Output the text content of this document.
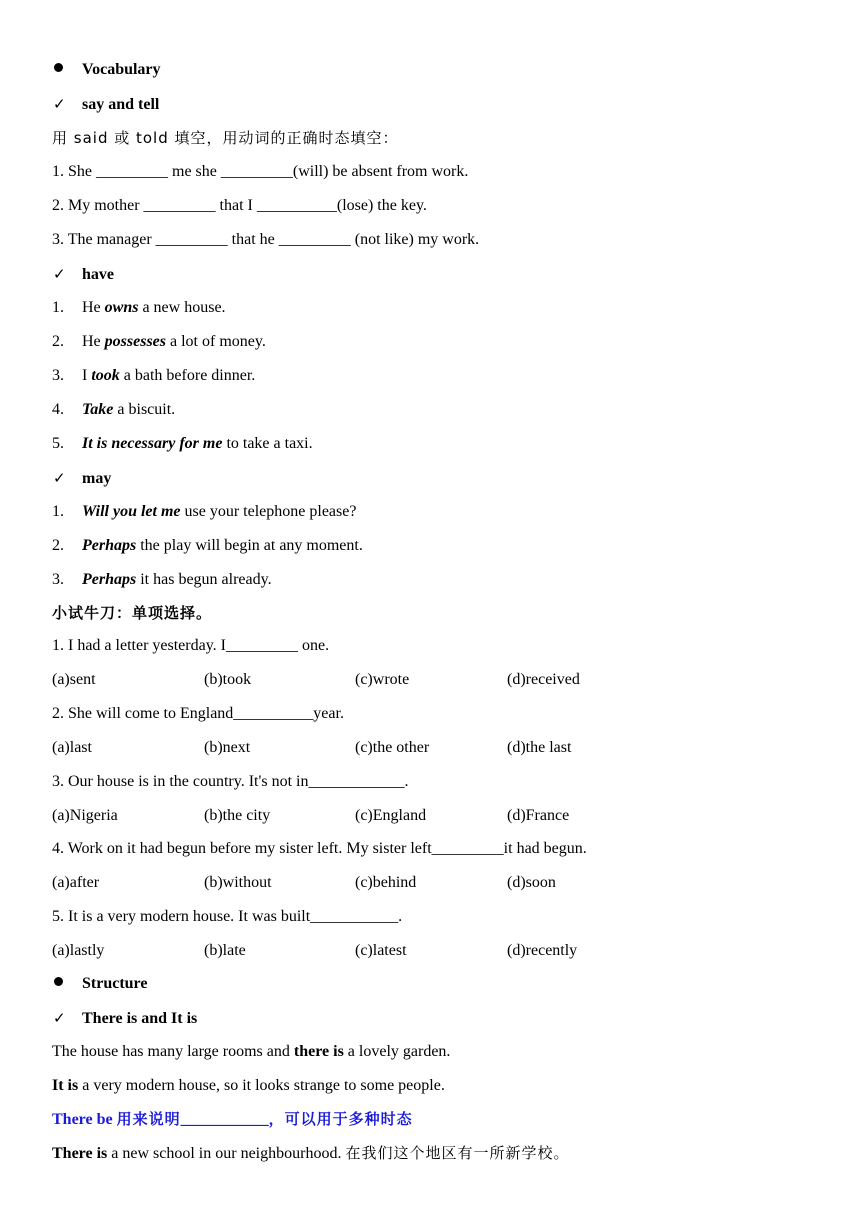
Vocabulary
✓ say and tell
用 said 或 told 填空，用动词的正确时态填空：
1. She _________ me she _________(will) be absent from work.
2. My mother _________ that I __________(lose) the key.
3. The manager _________ that he _________ (not like) my work.
✓ have
1. He owns a new house.
2. He possesses a lot of money.
3. I took a bath before dinner.
4. Take a biscuit.
5. It is necessary for me to take a taxi.
✓ may
1. Will you let me use your telephone please?
2. Perhaps the play will begin at any moment.
3. Perhaps it has begun already.
小试牛刀：单项选择。
1. I had a letter yesterday. I_________ one.
(a)sent	(b)took	(c)wrote	(d)received
2. She will come to England__________year.
(a)last	(b)next	(c)the other	(d)the last
3. Our house is in the country. It's not in____________.
(a)Nigeria	(b)the city	(c)England	(d)France
4. Work on it had begun before my sister left. My sister left_________it had begun.
(a)after	(b)without	(c)behind	(d)soon
5. It is a very modern house. It was built___________.
(a)lastly	(b)late	(c)latest	(d)recently
Structure
✓ There is and It is
The house has many large rooms and there is a lovely garden.
It is a very modern house, so it looks strange to some people.
There be 用来说明___________，可以用于多种时态
There is a new school in our neighbourhood. 在我们这个地区有一所新学校。
